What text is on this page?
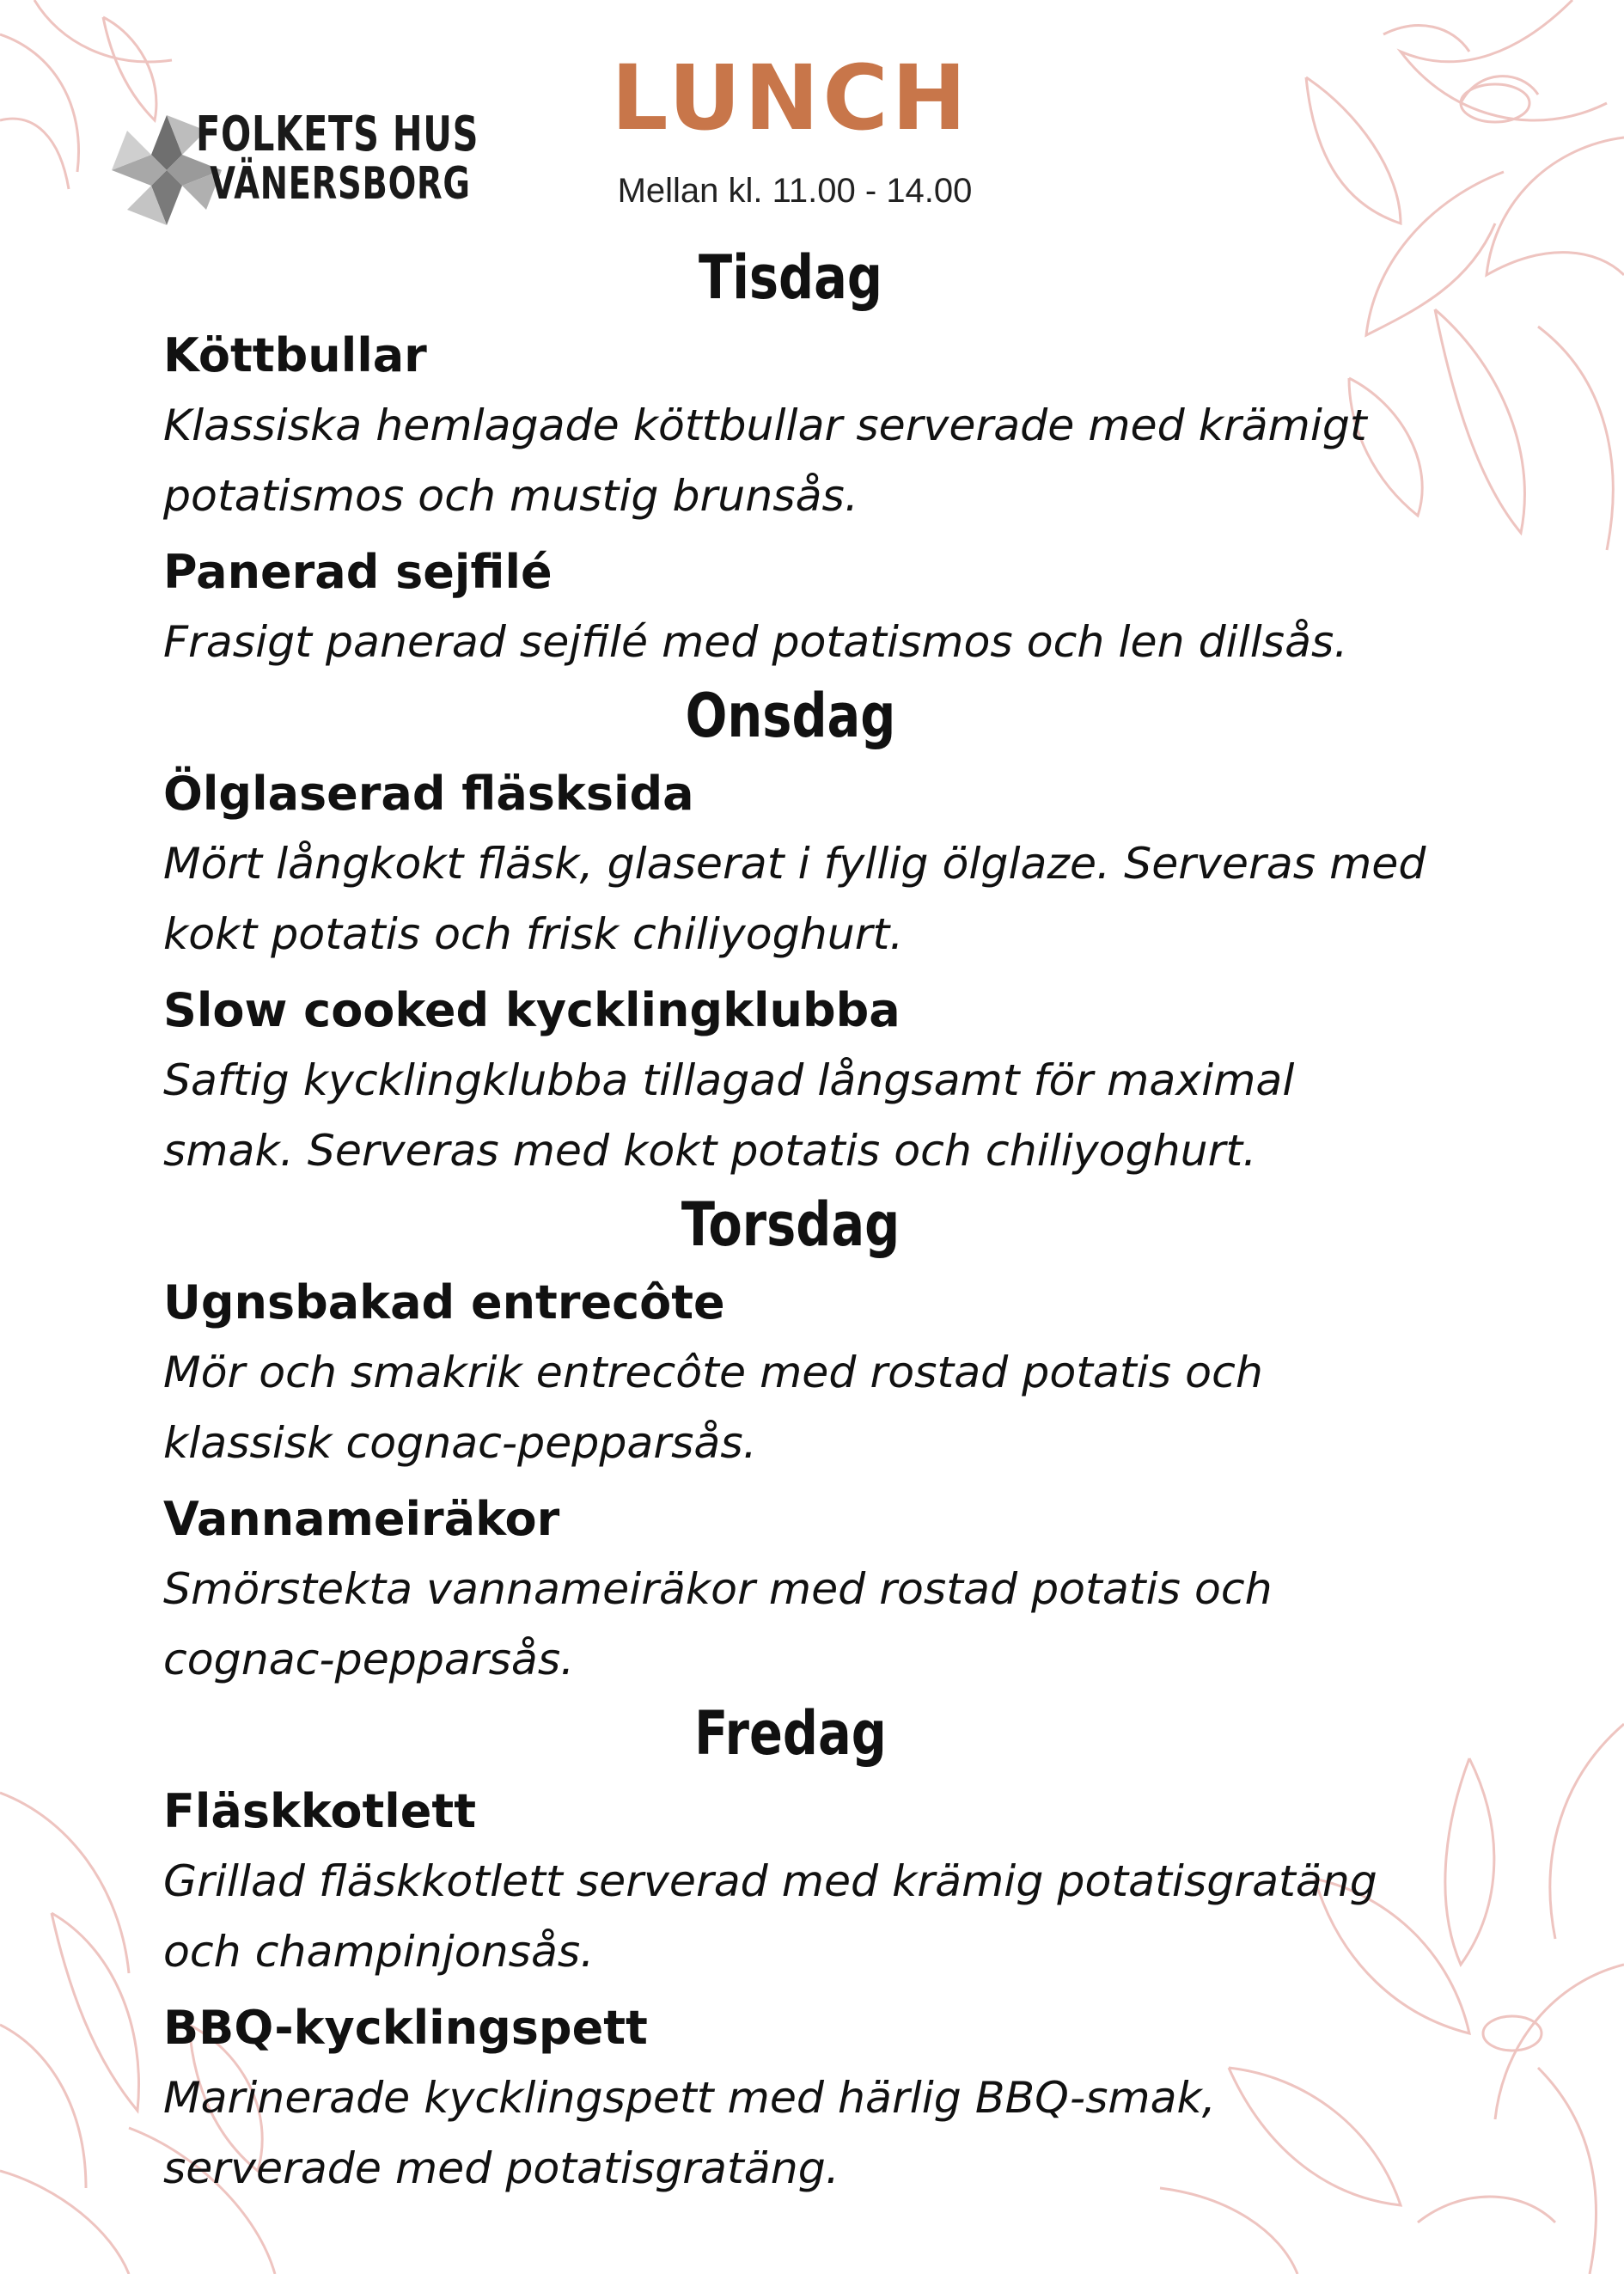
FOLKETS HUS
VÄNERSBORG
LUNCH
Mellan kl. 11.00 - 14.00
Tisdag

Köttbullar

Klassiska hemlagade köttbullar serverade med krämigt
potatismos och mustig brunsås.

Panerad sejfilé

Frasigt panerad sejfilé med potatismos och len dillsås.

Onsdag

Ölglaserad fläsksida

Mört långkokt fläsk, glaserat i fyllig ölglaze. Serveras med
kokt potatis och frisk chiliyoghurt.

Slow cooked kycklingklubba

Saftig kycklingklubba tillagad långsamt för maximal
smak. Serveras med kokt potatis och chiliyoghurt.

Torsdag

Ugnsbakad entrecôte

Mör och smakrik entrecôte med rostad potatis och
klassisk cognac-pepparsås.

Vannameiräkor

Smörstekta vannameiräkor med rostad potatis och
cognac-pepparsås.

Fredag

Fläskkotlett

Grillad fläskkotlett serverad med krämig potatisgratäng
och champinjonsås.

BBQ-kycklingspett

Marinerade kycklingspett med härlig BBQ-smak,
serverade med potatisgratäng.
